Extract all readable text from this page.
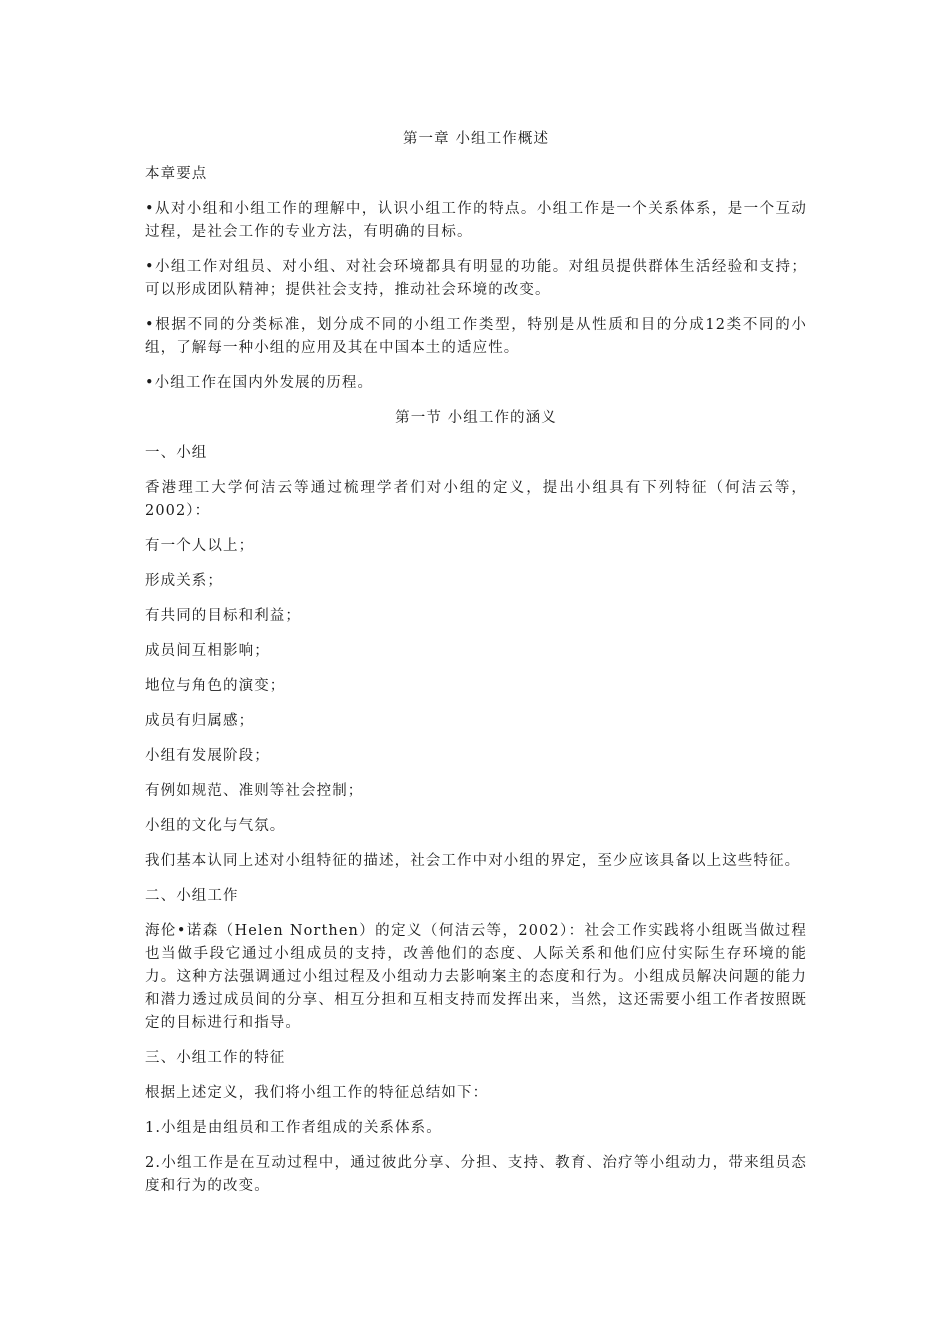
第一章 小组工作概述

本章要点

•从对小组和小组工作的理解中，认识小组工作的特点。小组工作是一个关系体系，是一个互动过程，是社会工作的专业方法，有明确的目标。

•小组工作对组员、对小组、对社会环境都具有明显的功能。对组员提供群体生活经验和支持；可以形成团队精神；提供社会支持，推动社会环境的改变。

•根据不同的分类标准，划分成不同的小组工作类型，特别是从性质和目的分成12类不同的小组，了解每一种小组的应用及其在中国本土的适应性。

•小组工作在国内外发展的历程。

第一节 小组工作的涵义

一、小组

香港理工大学何洁云等通过梳理学者们对小组的定义，提出小组具有下列特征（何洁云等，2002）：

有一个人以上；

形成关系；

有共同的目标和利益；

成员间互相影响；

地位与角色的演变；

成员有归属感；

小组有发展阶段；

有例如规范、准则等社会控制；

小组的文化与气氛。

我们基本认同上述对小组特征的描述，社会工作中对小组的界定，至少应该具备以上这些特征。

二、小组工作

海伦•诺森（Helen Northen）的定义（何洁云等，2002）：社会工作实践将小组既当做过程也当做手段它通过小组成员的支持，改善他们的态度、人际关系和他们应付实际生存环境的能力。这种方法强调通过小组过程及小组动力去影响案主的态度和行为。小组成员解决问题的能力和潜力透过成员间的分享、相互分担和互相支持而发挥出来，当然，这还需要小组工作者按照既定的目标进行和指导。

三、小组工作的特征

根据上述定义，我们将小组工作的特征总结如下：

1.小组是由组员和工作者组成的关系体系。

2.小组工作是在互动过程中，通过彼此分享、分担、支持、教育、治疗等小组动力，带来组员态度和行为的改变。
